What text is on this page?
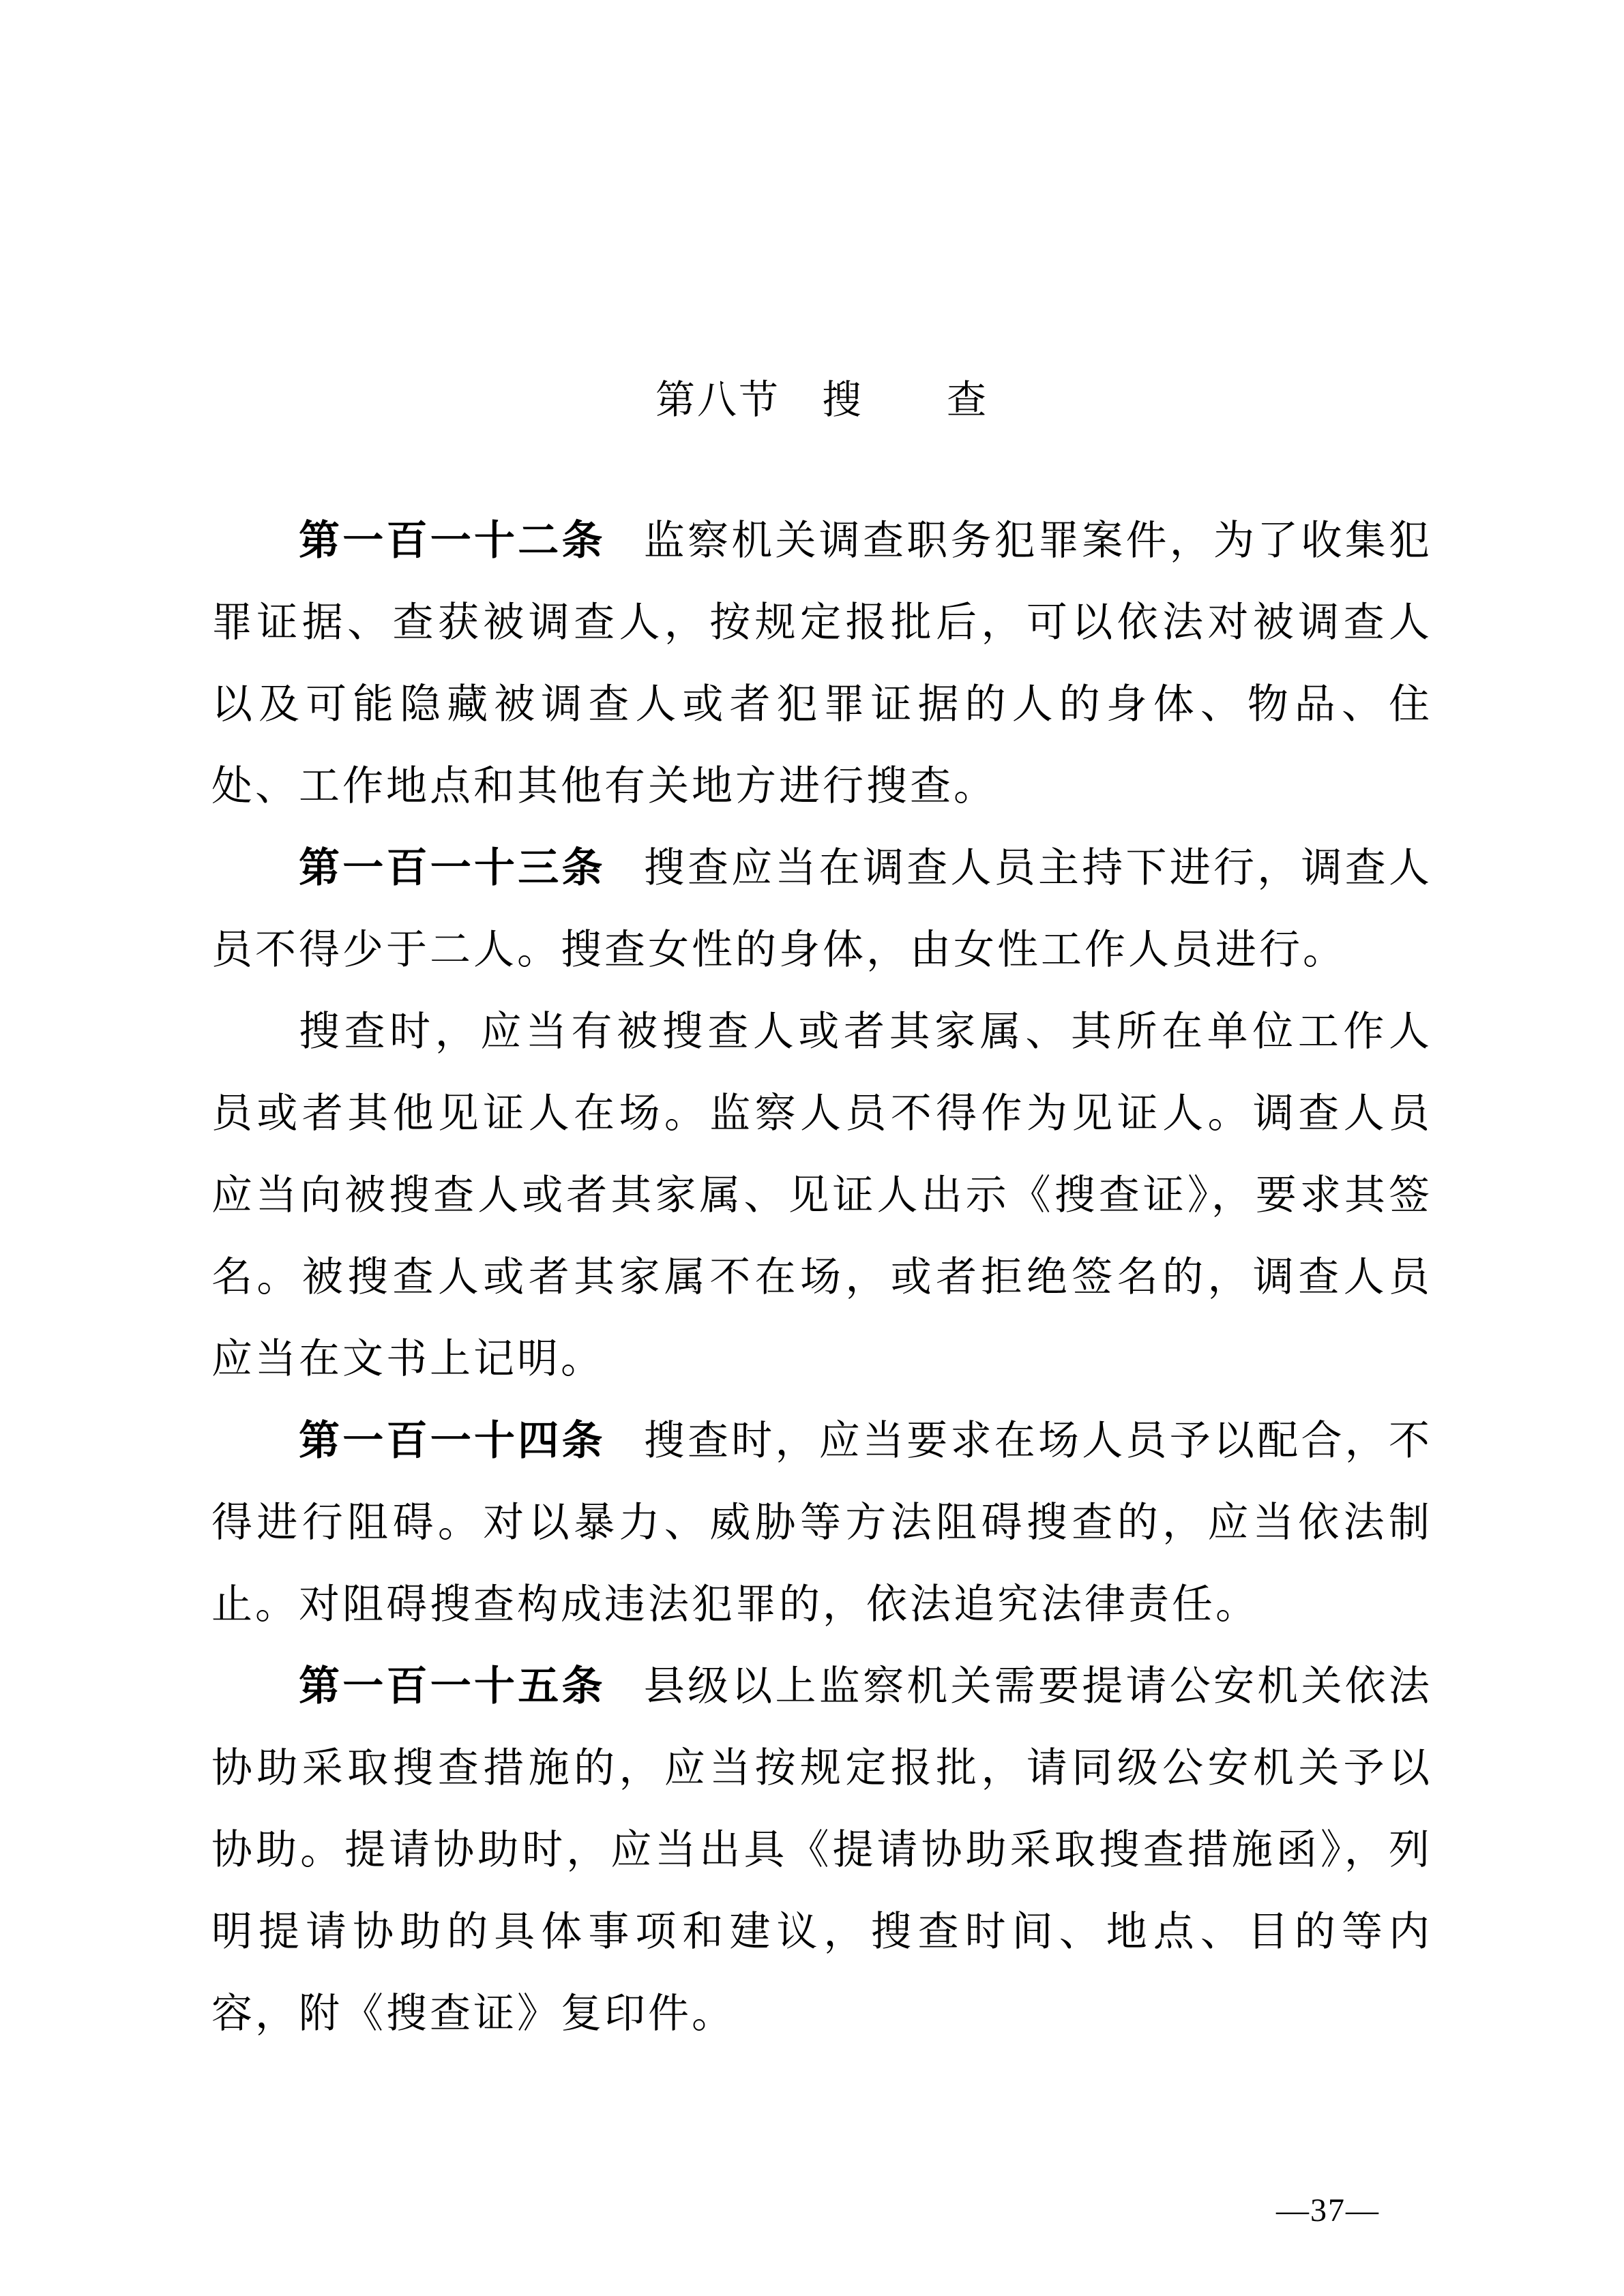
第八节　搜　　查

第一百一十二条 监察机关调查职务犯罪案件，为了收集犯罪证据、查获被调查人，按规定报批后，可以依法对被调查人以及可能隐藏被调查人或者犯罪证据的人的身体、物品、住处、工作地点和其他有关地方进行搜查。

第一百一十三条 搜查应当在调查人员主持下进行，调查人员不得少于二人。搜查女性的身体，由女性工作人员进行。

搜查时，应当有被搜查人或者其家属、其所在单位工作人员或者其他见证人在场。监察人员不得作为见证人。调查人员应当向被搜查人或者其家属、见证人出示《搜查证》，要求其签名。被搜查人或者其家属不在场，或者拒绝签名的，调查人员应当在文书上记明。

第一百一十四条 搜查时，应当要求在场人员予以配合，不得进行阻碍。对以暴力、威胁等方法阻碍搜查的，应当依法制止。对阻碍搜查构成违法犯罪的，依法追究法律责任。

第一百一十五条 县级以上监察机关需要提请公安机关依法协助采取搜查措施的，应当按规定报批，请同级公安机关予以协助。提请协助时，应当出具《提请协助采取搜查措施函》，列明提请协助的具体事项和建议，搜查时间、地点、目的等内容，附《搜查证》复印件。

—37—
